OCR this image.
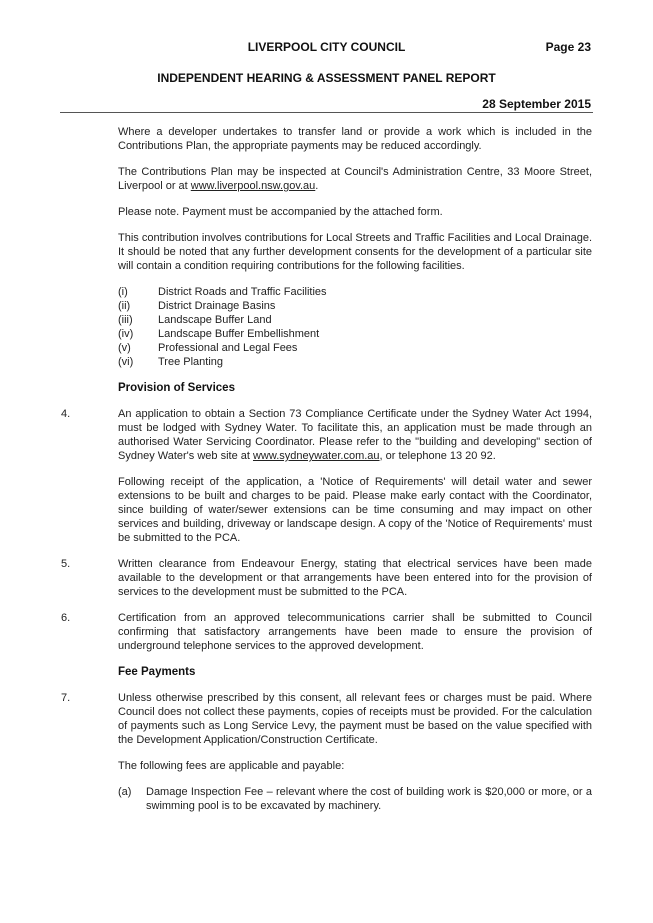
LIVERPOOL CITY COUNCIL	Page 23
INDEPENDENT HEARING & ASSESSMENT PANEL REPORT
28 September 2015

Where a developer undertakes to transfer land or provide a work which is included in the Contributions Plan, the appropriate payments may be reduced accordingly.

The Contributions Plan may be inspected at Council's Administration Centre, 33 Moore Street, Liverpool or at www.liverpool.nsw.gov.au.

Please note. Payment must be accompanied by the attached form.

This contribution involves contributions for Local Streets and Traffic Facilities and Local Drainage. It should be noted that any further development consents for the development of a particular site will contain a condition requiring contributions for the following facilities.

(i)	District Roads and Traffic Facilities
(ii)	District Drainage Basins
(iii)	Landscape Buffer Land
(iv)	Landscape Buffer Embellishment
(v)	Professional and Legal Fees
(vi)	Tree Planting
Provision of Services
4.	An application to obtain a Section 73 Compliance Certificate under the Sydney Water Act 1994, must be lodged with Sydney Water. To facilitate this, an application must be made through an authorised Water Servicing Coordinator. Please refer to the "building and developing" section of Sydney Water's web site at www.sydneywater.com.au, or telephone 13 20 92.

Following receipt of the application, a 'Notice of Requirements' will detail water and sewer extensions to be built and charges to be paid. Please make early contact with the Coordinator, since building of water/sewer extensions can be time consuming and may impact on other services and building, driveway or landscape design. A copy of the 'Notice of Requirements' must be submitted to the PCA.

5.	Written clearance from Endeavour Energy, stating that electrical services have been made available to the development or that arrangements have been entered into for the provision of services to the development must be submitted to the PCA.
6.	Certification from an approved telecommunications carrier shall be submitted to Council confirming that satisfactory arrangements have been made to ensure the provision of underground telephone services to the approved development.
Fee Payments
7.	Unless otherwise prescribed by this consent, all relevant fees or charges must be paid. Where Council does not collect these payments, copies of receipts must be provided. For the calculation of payments such as Long Service Levy, the payment must be based on the value specified with the Development Application/Construction Certificate.

The following fees are applicable and payable:

(a)	Damage Inspection Fee – relevant where the cost of building work is $20,000 or more, or a swimming pool is to be excavated by machinery.
